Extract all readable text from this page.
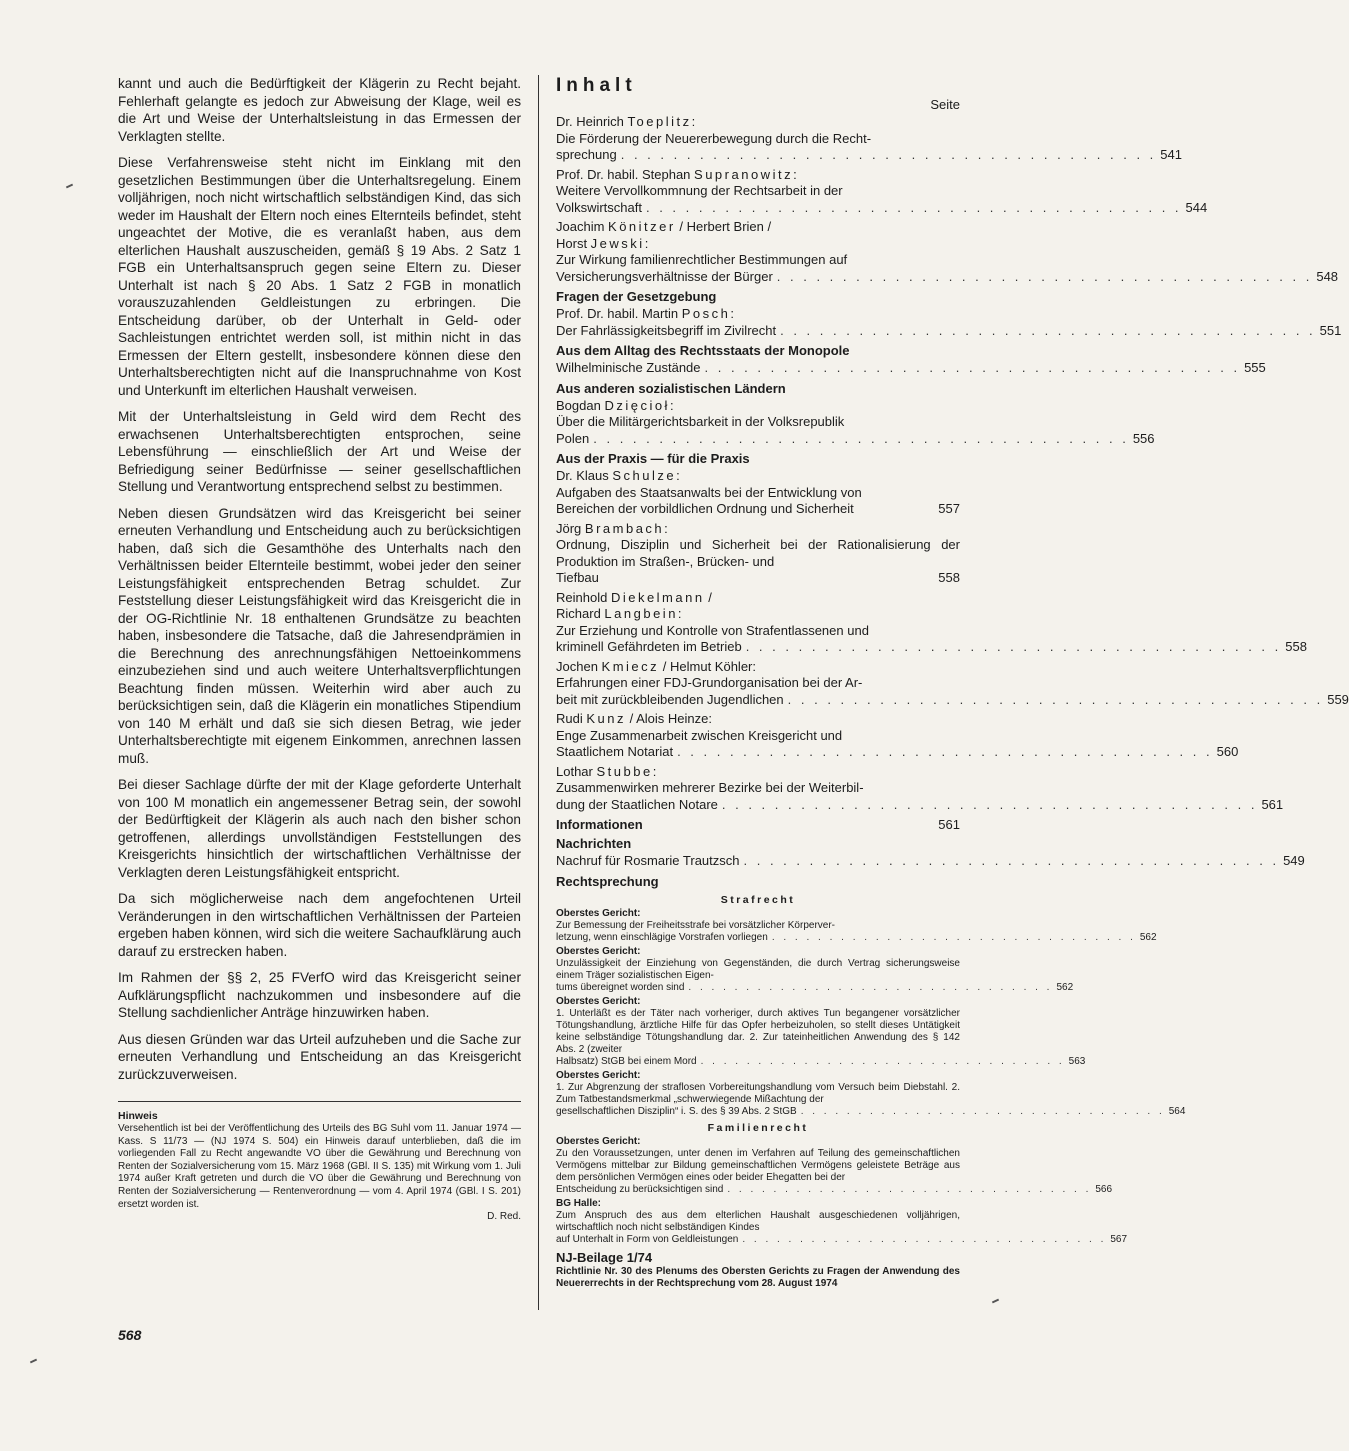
kannt und auch die Bedürftigkeit der Klägerin zu Recht bejaht. Fehlerhaft gelangte es jedoch zur Abweisung der Klage, weil es die Art und Weise der Unterhaltsleistung in das Ermessen der Verklagten stellte.

Diese Verfahrensweise steht nicht im Einklang mit den gesetzlichen Bestimmungen über die Unterhaltsregelung. Einem volljährigen, noch nicht wirtschaftlich selbständigen Kind, das sich weder im Haushalt der Eltern noch eines Elternteils befindet, steht ungeachtet der Motive, die es veranlaßt haben, aus dem elterlichen Haushalt auszuscheiden, gemäß § 19 Abs. 2 Satz 1 FGB ein Unterhaltsanspruch gegen seine Eltern zu. Dieser Unterhalt ist nach § 20 Abs. 1 Satz 2 FGB in monatlich vorauszuzahlenden Geldleistungen zu erbringen. Die Entscheidung darüber, ob der Unterhalt in Geld- oder Sachleistungen entrichtet werden soll, ist mithin nicht in das Ermessen der Eltern gestellt, insbesondere können diese den Unterhaltsberechtigten nicht auf die Inanspruchnahme von Kost und Unterkunft im elterlichen Haushalt verweisen.

Mit der Unterhaltsleistung in Geld wird dem Recht des erwachsenen Unterhaltsberechtigten entsprochen, seine Lebensführung — einschließlich der Art und Weise der Befriedigung seiner Bedürfnisse — seiner gesellschaftlichen Stellung und Verantwortung entsprechend selbst zu bestimmen.

Neben diesen Grundsätzen wird das Kreisgericht bei seiner erneuten Verhandlung und Entscheidung auch zu berücksichtigen haben, daß sich die Gesamthöhe des Unterhalts nach den Verhältnissen beider Elternteile bestimmt, wobei jeder den seiner Leistungsfähigkeit entsprechenden Betrag schuldet. Zur Feststellung dieser Leistungsfähigkeit wird das Kreisgericht die in der OG-Richtlinie Nr. 18 enthaltenen Grundsätze zu beachten haben, insbesondere die Tatsache, daß die Jahresendprämien in die Berechnung des anrechnungsfähigen Nettoeinkommens einzubeziehen sind und auch weitere Unterhaltsverpflichtungen Beachtung finden müssen. Weiterhin wird aber auch zu berücksichtigen sein, daß die Klägerin ein monatliches Stipendium von 140 M erhält und daß sie sich diesen Betrag, wie jeder Unterhaltsberechtigte mit eigenem Einkommen, anrechnen lassen muß.

Bei dieser Sachlage dürfte der mit der Klage geforderte Unterhalt von 100 M monatlich ein angemessener Betrag sein, der sowohl der Bedürftigkeit der Klägerin als auch nach den bisher schon getroffenen, allerdings unvollständigen Feststellungen des Kreisgerichts hinsichtlich der wirtschaftlichen Verhältnisse der Verklagten deren Leistungsfähigkeit entspricht.

Da sich möglicherweise nach dem angefochtenen Urteil Veränderungen in den wirtschaftlichen Verhältnissen der Parteien ergeben haben können, wird sich die weitere Sachaufklärung auch darauf zu erstrecken haben.

Im Rahmen der §§ 2, 25 FVerfO wird das Kreisgericht seiner Aufklärungspflicht nachzukommen und insbesondere auf die Stellung sachdienlicher Anträge hinzuwirken haben.

Aus diesen Gründen war das Urteil aufzuheben und die Sache zur erneuten Verhandlung und Entscheidung an das Kreisgericht zurückzuverweisen.

Hinweis

Versehentlich ist bei der Veröffentlichung des Urteils des BG Suhl vom 11. Januar 1974 — Kass. S 11/73 — (NJ 1974 S. 504) ein Hinweis darauf unterblieben, daß die im vorliegenden Fall zu Recht angewandte VO über die Gewährung und Berechnung von Renten der Sozialversicherung vom 15. März 1968 (GBl. II S. 135) mit Wirkung vom 1. Juli 1974 außer Kraft getreten und durch die VO über die Gewährung und Berechnung von Renten der Sozialversicherung — Rentenverordnung — vom 4. April 1974 (GBl. I S. 201) ersetzt worden ist.

D. Red.

568
Inhalt
Seite
Dr. Heinrich Toeplitz:
Die Förderung der Neuererbewegung durch die Recht-
sprechung . . . . . . . . . . . . . . . . . . . . . . . . . . . . . . . . . . . . . . . . . 541
Prof. Dr. habil. Stephan Supranowitz:
Weitere Vervollkommnung der Rechtsarbeit in der
Volkswirtschaft . . . . . . . . . . . . . . . . . . . . . . . . . . . . . . . . . . . . . . . . . 544
Joachim Könitzer / Herbert Brien /
Horst Jewski:
Zur Wirkung familienrechtlicher Bestimmungen auf
Versicherungsverhältnisse der Bürger . . . . . . . . . . . . . . . . . . . . . . . . . . . . . . . . . . . . . . . . . 548
Fragen der Gesetzgebung
Prof. Dr. habil. Martin Posch:
Der Fahrlässigkeitsbegriff im Zivilrecht . . . . . . . . . . . . . . . . . . . . . . . . . . . . . . . . . . . . . . . . . 551
Aus dem Alltag des Rechtsstaats der Monopole
Wilhelminische Zustände . . . . . . . . . . . . . . . . . . . . . . . . . . . . . . . . . . . . . . . . . 555
Aus anderen sozialistischen Ländern
Bogdan Dzięcioł:
Über die Militärgerichtsbarkeit in der Volksrepublik
Polen . . . . . . . . . . . . . . . . . . . . . . . . . . . . . . . . . . . . . . . . . 556
Aus der Praxis — für die Praxis
Dr. Klaus Schulze:
Aufgaben des Staatsanwalts bei der Entwicklung von
Bereichen der vorbildlichen Ordnung und Sicherheit	557
Jörg Brambach:
Ordnung, Disziplin und Sicherheit bei der Rationalisierung der Produktion im Straßen-, Brücken- und
Tiefbau	558
Reinhold Diekelmann /
Richard Langbein:
Zur Erziehung und Kontrolle von Strafentlassenen und
kriminell Gefährdeten im Betrieb . . . . . . . . . . . . . . . . . . . . . . . . . . . . . . . . . . . . . . . . . 558
Jochen Kmiecz / Helmut Köhler:
Erfahrungen einer FDJ-Grundorganisation bei der Ar-
beit mit zurückbleibenden Jugendlichen . . . . . . . . . . . . . . . . . . . . . . . . . . . . . . . . . . . . . . . . . 559
Rudi Kunz / Alois Heinze:
Enge Zusammenarbeit zwischen Kreisgericht und
Staatlichem Notariat . . . . . . . . . . . . . . . . . . . . . . . . . . . . . . . . . . . . . . . . . 560
Lothar Stubbe:
Zusammenwirken mehrerer Bezirke bei der Weiterbil-
dung der Staatlichen Notare . . . . . . . . . . . . . . . . . . . . . . . . . . . . . . . . . . . . . . . . . 561
Informationen	561
Nachrichten
Nachruf für Rosmarie Trautzsch . . . . . . . . . . . . . . . . . . . . . . . . . . . . . . . . . . . . . . . . . 549
Rechtsprechung
Strafrecht
Oberstes Gericht:
Zur Bemessung der Freiheitsstrafe bei vorsätzlicher Körperver-
letzung, wenn einschlägige Vorstrafen vorliegen . . . . . . . . . . . . . . . . . . . . . . . . . . . . . . . . 562
Oberstes Gericht:
Unzulässigkeit der Einziehung von Gegenständen, die durch Vertrag sicherungsweise einem Träger sozialistischen Eigen-
tums übereignet worden sind . . . . . . . . . . . . . . . . . . . . . . . . . . . . . . . . 562
Oberstes Gericht:
1. Unterläßt es der Täter nach vorheriger, durch aktives Tun begangener vorsätzlicher Tötungshandlung, ärztliche Hilfe für das Opfer herbeizuholen, so stellt dieses Untätigkeit keine selbständige Tötungshandlung dar. 2. Zur tateinheitlichen Anwendung des § 142 Abs. 2 (zweiter
Halbsatz) StGB bei einem Mord . . . . . . . . . . . . . . . . . . . . . . . . . . . . . . . . 563
Oberstes Gericht:
1. Zur Abgrenzung der straflosen Vorbereitungshandlung vom Versuch beim Diebstahl. 2. Zum Tatbestandsmerkmal „schwerwiegende Mißachtung der
gesellschaftlichen Disziplin“ i. S. des § 39 Abs. 2 StGB . . . . . . . . . . . . . . . . . . . . . . . . . . . . . . . . 564
Familienrecht
Oberstes Gericht:
Zu den Voraussetzungen, unter denen im Verfahren auf Teilung des gemeinschaftlichen Vermögens mittelbar zur Bildung gemeinschaftlichen Vermögens geleistete Beträge aus dem persönlichen Vermögen eines oder beider Ehegatten bei der
Entscheidung zu berücksichtigen sind . . . . . . . . . . . . . . . . . . . . . . . . . . . . . . . . 566
BG Halle:
Zum Anspruch des aus dem elterlichen Haushalt ausgeschiedenen volljährigen, wirtschaftlich noch nicht selbständigen Kindes
auf Unterhalt in Form von Geldleistungen . . . . . . . . . . . . . . . . . . . . . . . . . . . . . . . . 567
NJ-Beilage 1/74

Richtlinie Nr. 30 des Plenums des Obersten Gerichts zu Fragen der Anwendung des Neuererrechts in der Rechtsprechung vom 28. August 1974
